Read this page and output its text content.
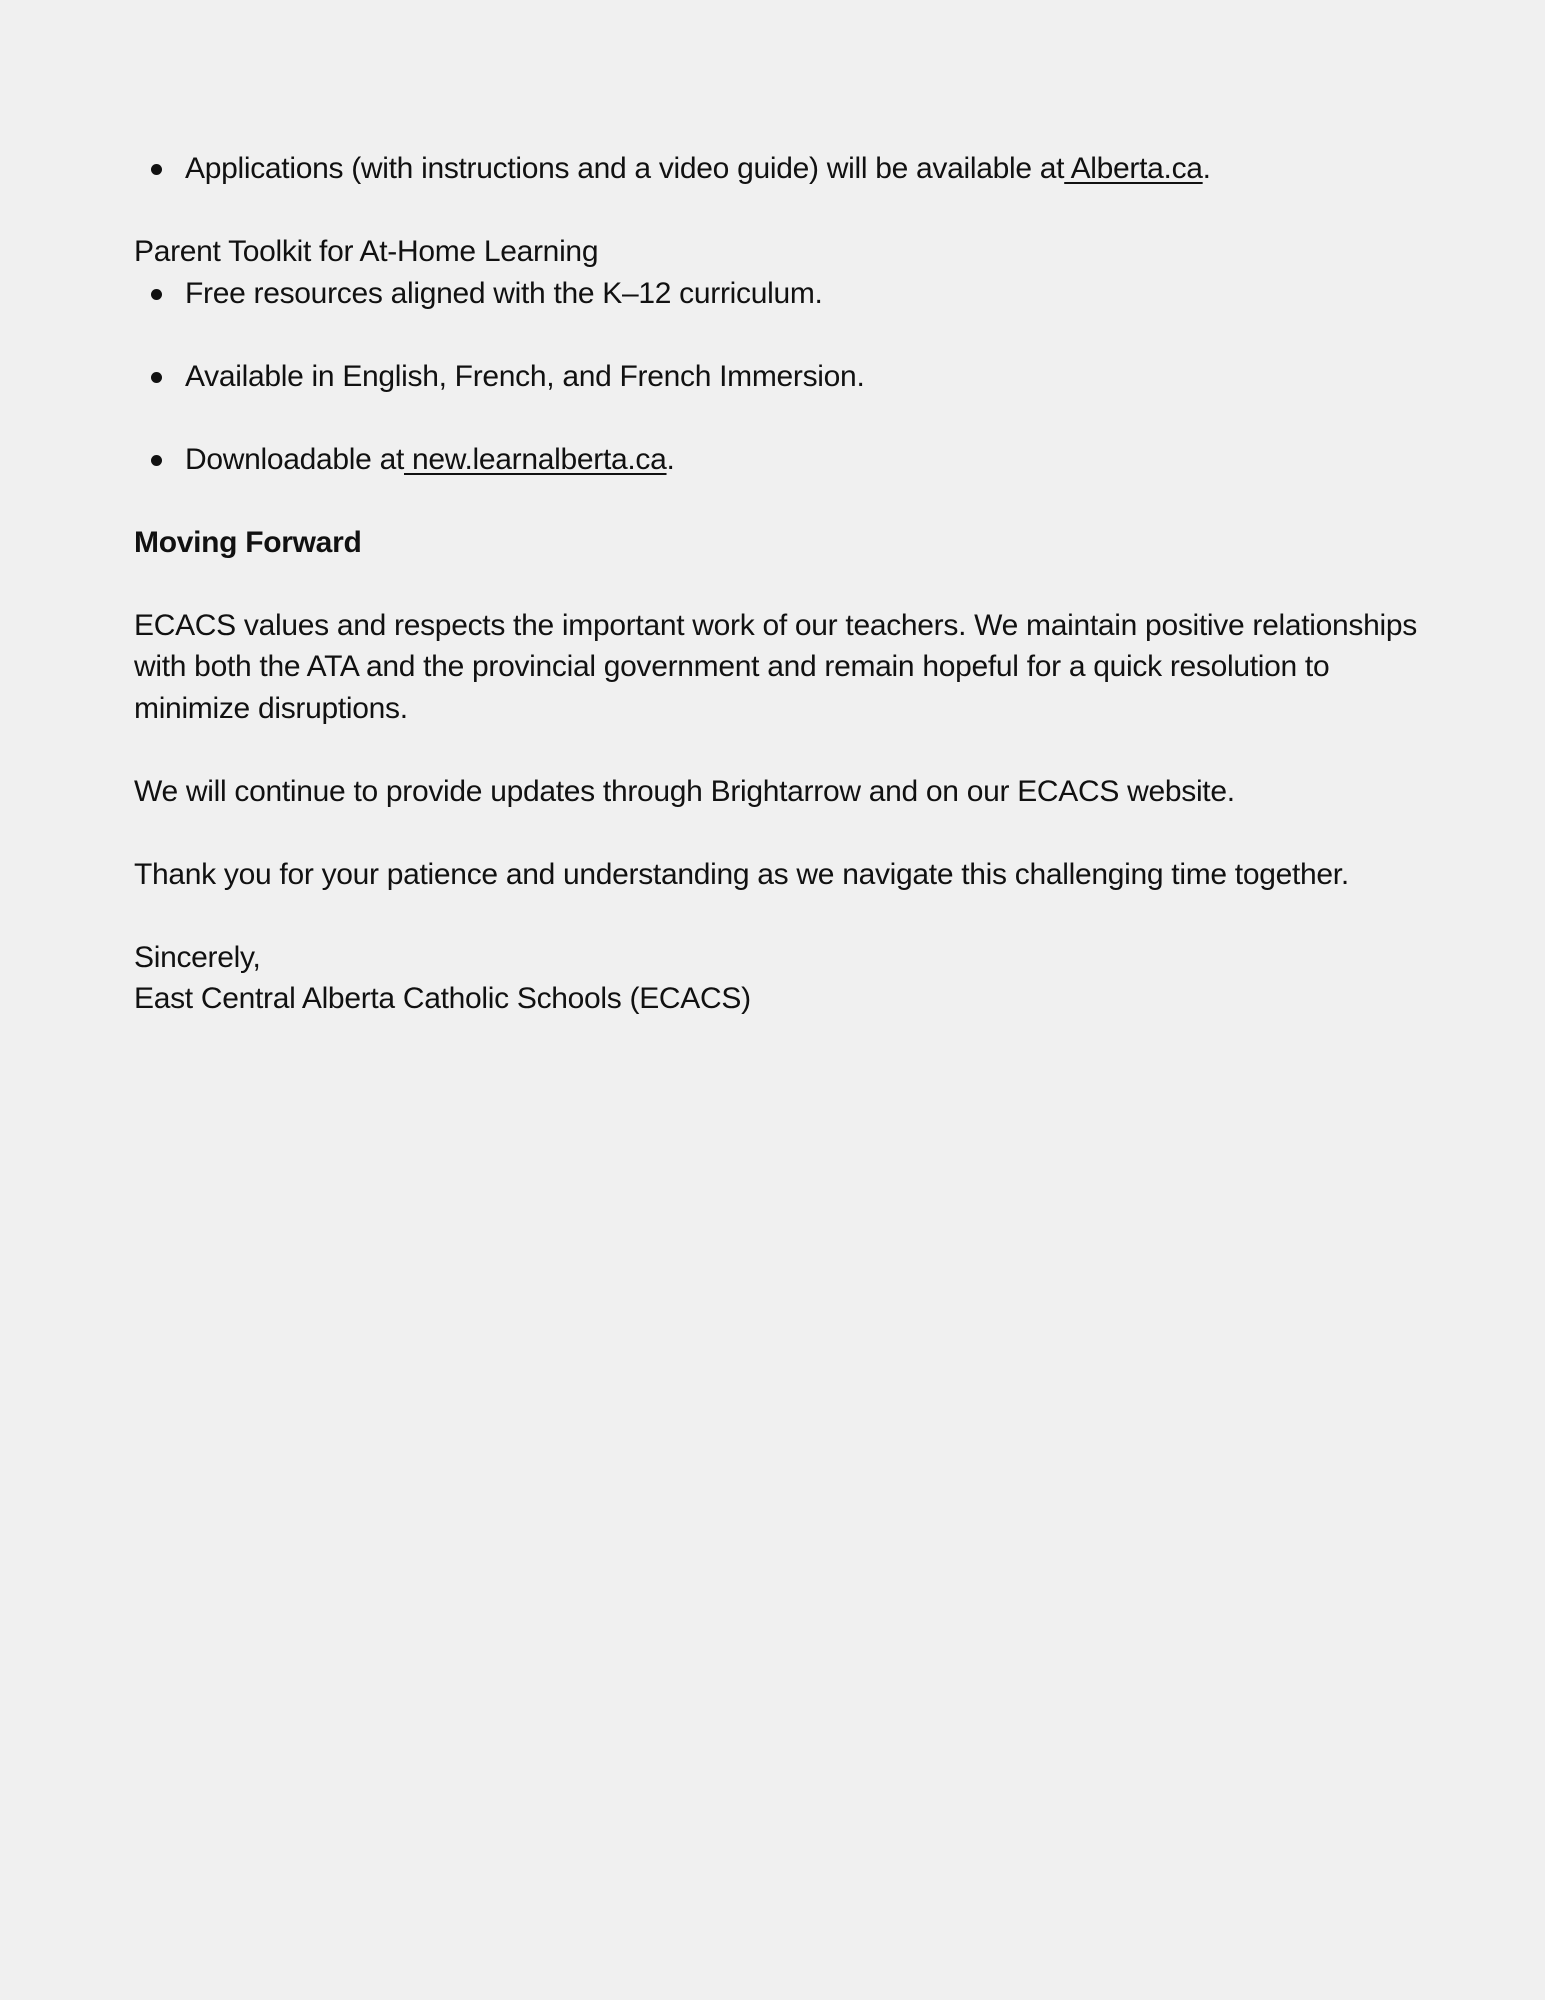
Applications (with instructions and a video guide) will be available at Alberta.ca.

Parent Toolkit for At-Home Learning

Free resources aligned with the K–12 curriculum.
Available in English, French, and French Immersion.
Downloadable at new.learnalberta.ca.

Moving Forward

ECACS values and respects the important work of our teachers. We maintain positive relationships with both the ATA and the provincial government and remain hopeful for a quick resolution to minimize disruptions.

We will continue to provide updates through Brightarrow and on our ECACS website.

Thank you for your patience and understanding as we navigate this challenging time together.

Sincerely,

East Central Alberta Catholic Schools (ECACS)
